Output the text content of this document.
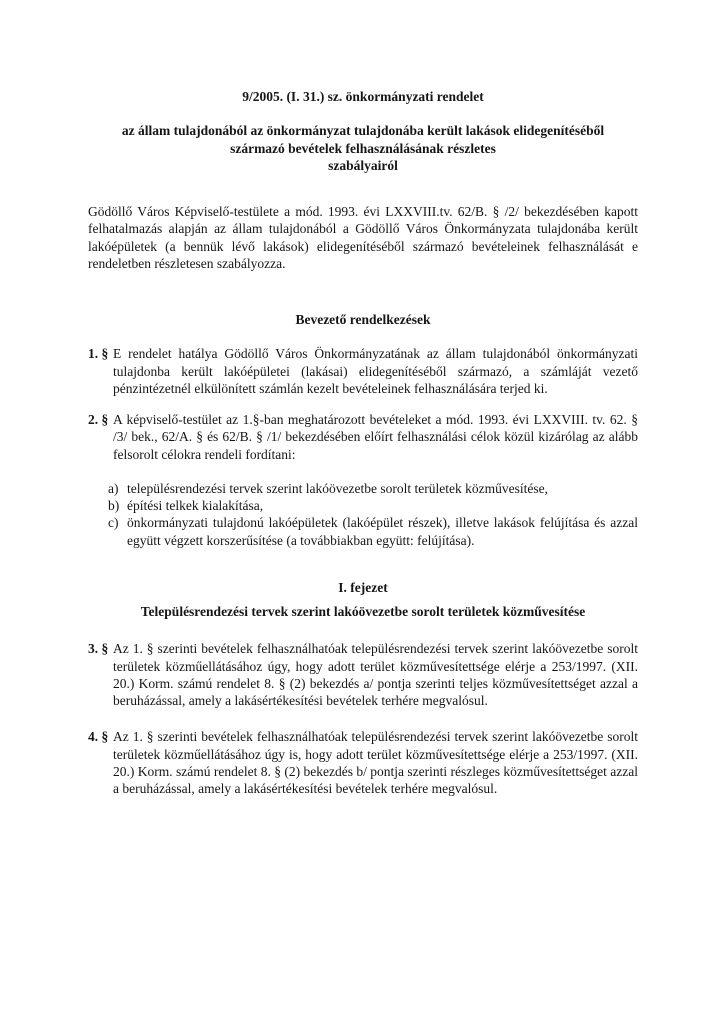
9/2005. (I. 31.) sz. önkormányzati rendelet
az állam tulajdonából az önkormányzat tulajdonába került lakások elidegenítéséből
származó bevételek felhasználásának részletes
szabályairól

Gödöllő Város Képviselő-testülete a mód. 1993. évi LXXVIII.tv. 62/B. § /2/ bekezdésében kapott felhatalmazás alapján az állam tulajdonából a Gödöllő Város Önkormányzata tulajdonába került lakóépületek (a bennük lévő lakások) elidegenítéséből származó bevételeinek felhasználását e rendeletben részletesen szabályozza.

Bevezető rendelkezések

1. § E rendelet hatálya Gödöllő Város Önkormányzatának az állam tulajdonából önkormányzati tulajdonba került lakóépületei (lakásai) elidegenítéséből származó, a számláját vezető pénzintézetnél elkülönített számlán kezelt bevételeinek felhasználására terjed ki.

2. § A képviselő-testület az 1.§-ban meghatározott bevételeket a mód. 1993. évi LXXVIII. tv. 62. § /3/ bek., 62/A. § és 62/B. § /1/ bekezdésében előírt felhasználási célok közül kizárólag az alább felsorolt célokra rendeli fordítani:

a) településrendezési tervek szerint lakóövezetbe sorolt területek közművesítése,

b) építési telkek kialakítása,

c) önkormányzati tulajdonú lakóépületek (lakóépület részek), illetve lakások felújítása és azzal együtt végzett korszerűsítése (a továbbiakban együtt: felújítása).

I. fejezet
Településrendezési tervek szerint lakóövezetbe sorolt területek közművesítése

3. § Az 1. § szerinti bevételek felhasználhatóak településrendezési tervek szerint lakóövezetbe sorolt területek közműellátásához úgy, hogy adott terület közművesítettsége elérje a 253/1997. (XII. 20.) Korm. számú rendelet 8. § (2) bekezdés a/ pontja szerinti teljes közművesítettséget azzal a beruházással, amely a lakásértékesítési bevételek terhére megvalósul.

4. § Az 1. § szerinti bevételek felhasználhatóak településrendezési tervek szerint lakóövezetbe sorolt területek közműellátásához úgy is, hogy adott terület közművesítettsége elérje a 253/1997. (XII. 20.) Korm. számú rendelet 8. § (2) bekezdés b/ pontja szerinti részleges közművesítettséget azzal a beruházással, amely a lakásértékesítési bevételek terhére megvalósul.
